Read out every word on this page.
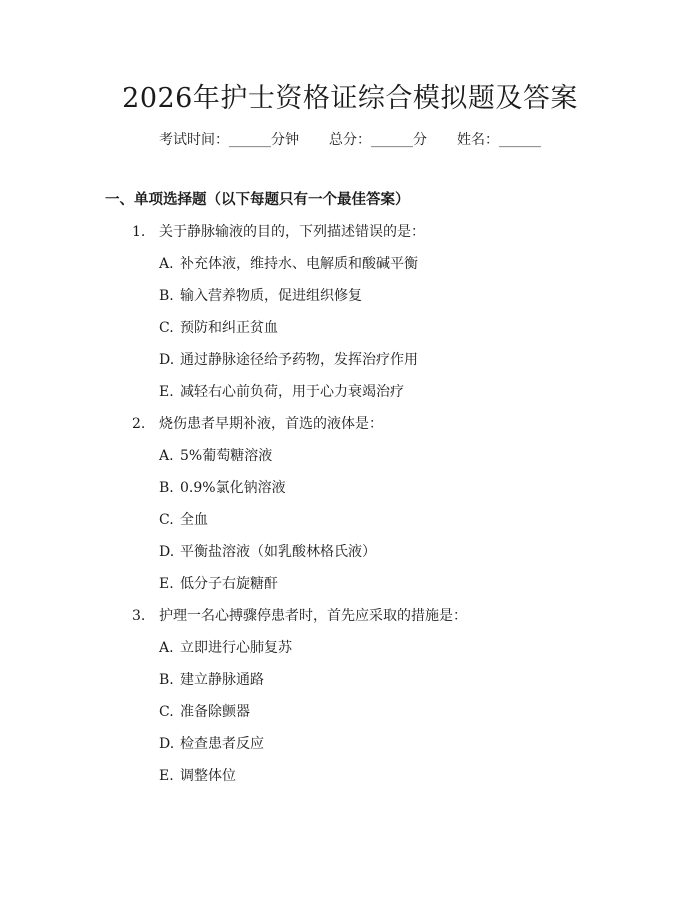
2026年护士资格证综合模拟题及答案
考试时间：______分钟 总分：______分 姓名：______
一、单项选择题（以下每题只有一个最佳答案）
1. 关于静脉输液的目的，下列描述错误的是：
A. 补充体液，维持水、电解质和酸碱平衡
B. 输入营养物质，促进组织修复
C. 预防和纠正贫血
D. 通过静脉途径给予药物，发挥治疗作用
E. 减轻右心前负荷，用于心力衰竭治疗
2. 烧伤患者早期补液，首选的液体是：
A. 5%葡萄糖溶液
B. 0.9%氯化钠溶液
C. 全血
D. 平衡盐溶液（如乳酸林格氏液）
E. 低分子右旋糖酐
3. 护理一名心搏骤停患者时，首先应采取的措施是：
A. 立即进行心肺复苏
B. 建立静脉通路
C. 准备除颤器
D. 检查患者反应
E. 调整体位
